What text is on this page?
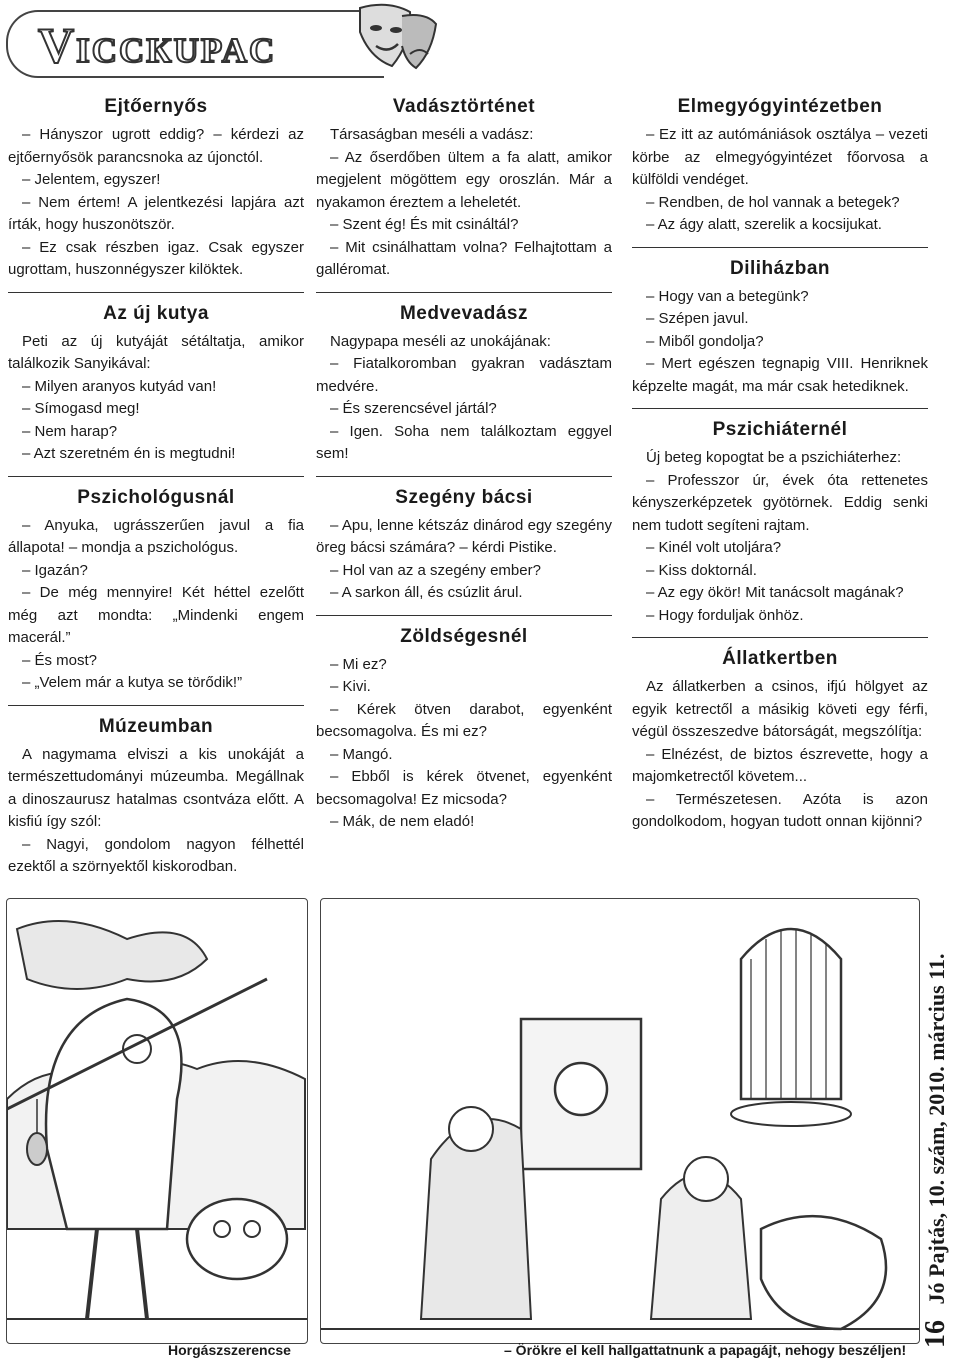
Viccкupac
Ejtőernyős

– Hányszor ugrott eddig? – kérdezi az ejtőernyősök parancsnoka az újonctól.

– Jelentem, egyszer!

– Nem értem! A jelentkezési lapjára azt írták, hogy huszonötször.

– Ez csak részben igaz. Csak egyszer ugrottam, huszonnégyszer kilöktek.

Az új kutya

Peti az új kutyáját sétáltatja, amikor találkozik Sanyikával:

– Milyen aranyos kutyád van!

– Símogasd meg!

– Nem harap?

– Azt szeretném én is megtudni!

Pszichológusnál

– Anyuka, ugrásszerűen javul a fia állapota! – mondja a pszichológus.

– Igazán?

– De még mennyire! Két héttel ezelőtt még azt mondta: „Mindenki engem macerál.”

– És most?

– „Velem már a kutya se törődik!”

Múzeumban

A nagymama elviszi a kis unokáját a természettudományi múzeumba. Megállnak a dinoszaurusz hatalmas csontváza előtt. A kisfiú így szól:

– Nagyi, gondolom nagyon félhettél ezektől a szörnyektől kiskorodban.

Vadásztörténet

Társaságban meséli a vadász:

– Az őserdőben ültem a fa alatt, amikor megjelent mögöttem egy oroszlán. Már a nyakamon éreztem a leheletét.

– Szent ég! És mit csináltál?

– Mit csinálhattam volna? Felhajtottam a galléromat.

Medvevadász

Nagypapa meséli az unokájának:

– Fiatalkoromban gyakran vadásztam medvére.

– És szerencsével jártál?

– Igen. Soha nem találkoztam eggyel sem!

Szegény bácsi

– Apu, lenne kétszáz dinárod egy szegény öreg bácsi számára? – kérdi Pistike.

– Hol van az a szegény ember?

– A sarkon áll, és csúzlit árul.

Zöldségesnél

– Mi ez?

– Kivi.

– Kérek ötven darabot, egyenként becsomagolva. És mi ez?

– Mangó.

– Ebből is kérek ötvenet, egyenként becsomagolva! Ez micsoda?

– Mák, de nem eladó!

Elmegyógyintézetben

– Ez itt az autómániások osztálya – vezeti körbe az elmegyógyintézet főorvosa a külföldi vendéget.

– Rendben, de hol vannak a betegek?

– Az ágy alatt, szerelik a kocsijukat.

Diliházban

– Hogy van a betegünk?

– Szépen javul.

– Miből gondolja?

– Mert egészen tegnapig VIII. Henriknek képzelte magát, ma már csak hetediknek.

Pszichiáternél

Új beteg kopogtat be a pszichiáterhez:

– Professzor úr, évek óta rettenetes kényszerképzetek gyötörnek. Eddig senki nem tudott segíteni rajtam.

– Kinél volt utoljára?

– Kiss doktornál.

– Az egy ökör! Mit tanácsolt magának?

– Hogy forduljak önhöz.

Állatkertben

Az állatkerben a csinos, ifjú hölgyet az egyik ketrectől a másikig követi egy férfi, végül összeszedve bátorságát, megszólítja:

– Elnézést, de biztos észrevette, hogy a majomketrectől követem...

– Természetesen. Azóta is azon gondolkodom, hogyan tudott onnan kijönni?

Horgászszerencse	– Örökre el kell hallgattatnunk a papagájt, nehogy beszéljen!
16 Jó Pajtás, 10. szám, 2010. március 11.
